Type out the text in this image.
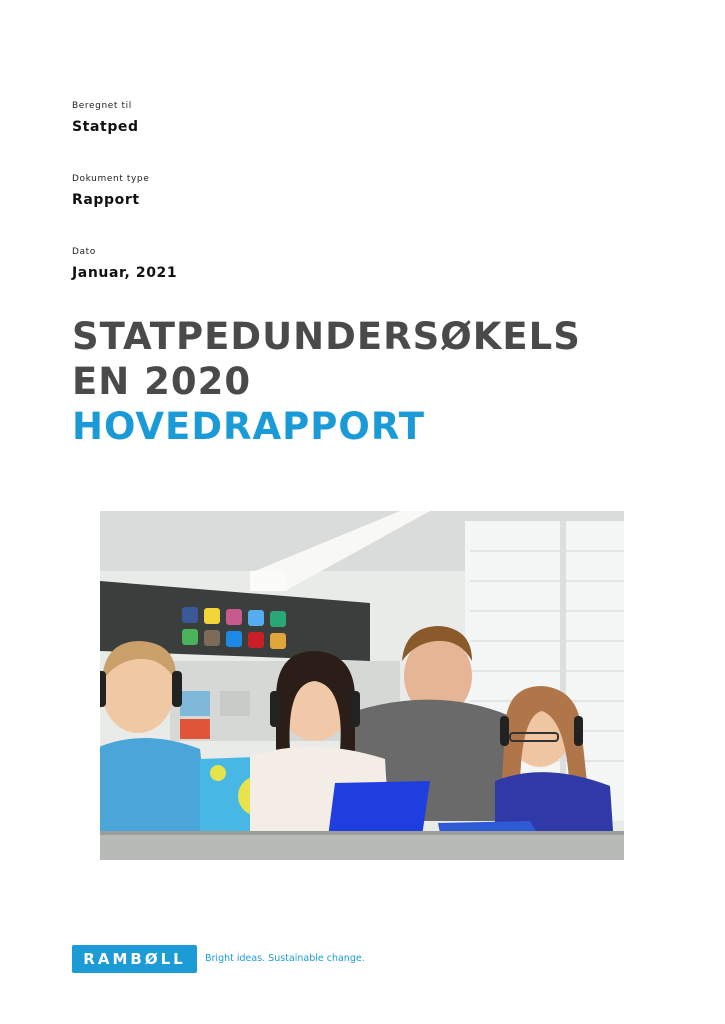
Beregnet til
Statped
Dokument type
Rapport
Dato
Januar, 2021
STATPEDUNDERSØKELS
EN 2020
HOVEDRAPPORT
RAMBØLL	Bright ideas. Sustainable change.
